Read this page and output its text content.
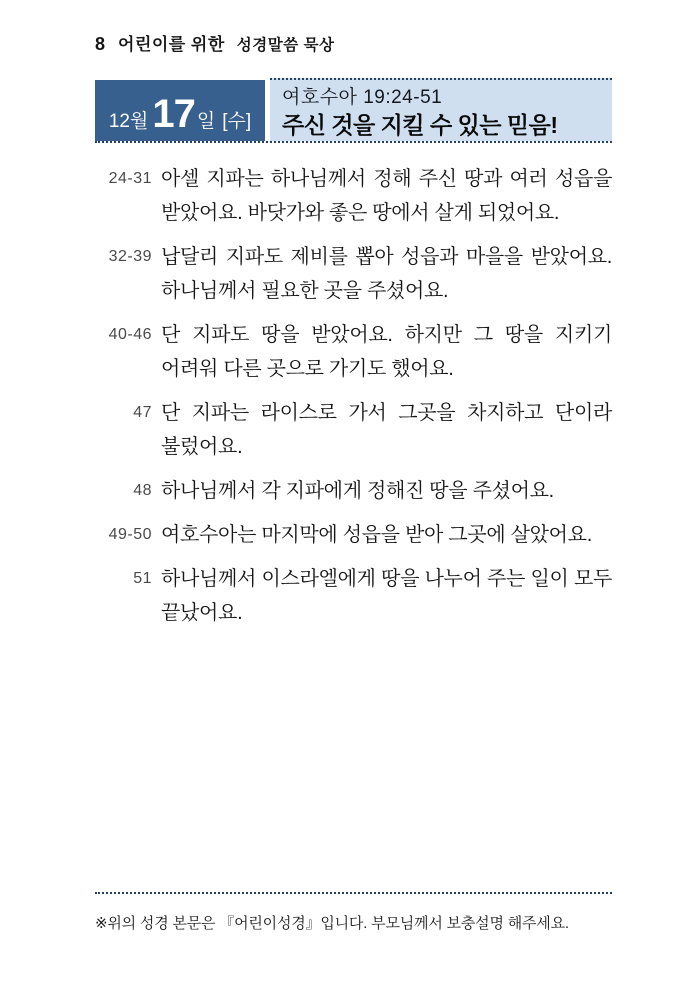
8 어린이를 위한 성경말씀 묵상
12월 17 일 [수]
여호수아 19:24-51
주신 것을 지킬 수 있는 믿음!
24-31 아셀 지파는 하나님께서 정해 주신 땅과 여러 성읍을 받았어요. 바닷가와 좋은 땅에서 살게 되었어요.
32-39 납달리 지파도 제비를 뽑아 성읍과 마을을 받았어요. 하나님께서 필요한 곳을 주셨어요.
40-46 단 지파도 땅을 받았어요. 하지만 그 땅을 지키기 어려워 다른 곳으로 가기도 했어요.
47 단 지파는 라이스로 가서 그곳을 차지하고 단이라 불렀어요.
48 하나님께서 각 지파에게 정해진 땅을 주셨어요.
49-50 여호수아는 마지막에 성읍을 받아 그곳에 살았어요.
51 하나님께서 이스라엘에게 땅을 나누어 주는 일이 모두 끝났어요.
※위의 성경 본문은 『어린이성경』입니다. 부모님께서 보충설명 해주세요.
